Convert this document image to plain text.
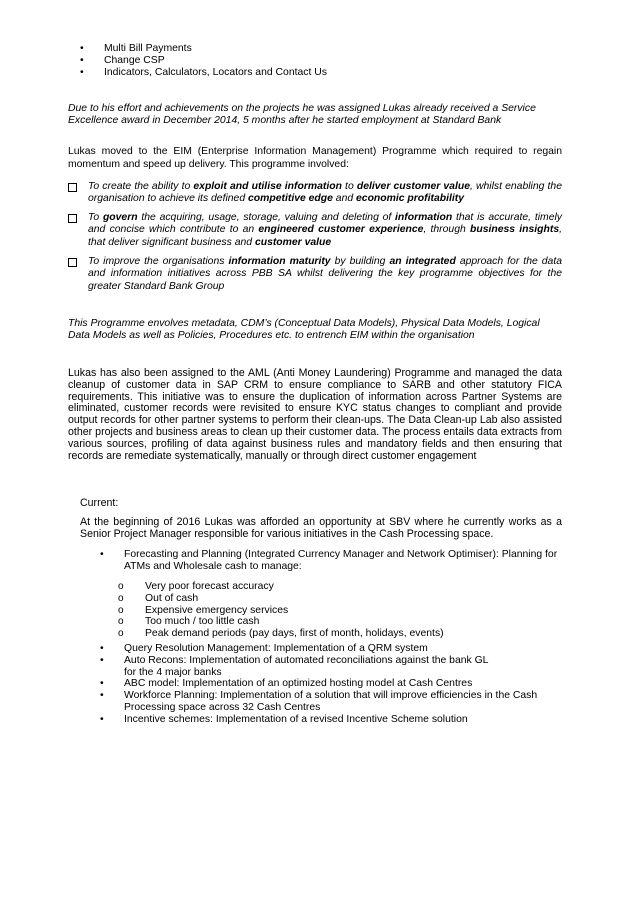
• Multi Bill Payments
• Change CSP
• Indicators, Calculators, Locators and Contact Us

Due to his effort and achievements on the projects he was assigned Lukas already received a Service Excellence award in December 2014, 5 months after he started employment at Standard Bank

Lukas moved to the EIM (Enterprise Information Management) Programme which required to regain momentum and speed up delivery. This programme involved:

To create the ability to exploit and utilise information to deliver customer value, whilst enabling the organisation to achieve its defined competitive edge and economic profitability
To govern the acquiring, usage, storage, valuing and deleting of information that is accurate, timely and concise which contribute to an engineered customer experience, through business insights, that deliver significant business and customer value
To improve the organisations information maturity by building an integrated approach for the data and information initiatives across PBB SA whilst delivering the key programme objectives for the greater Standard Bank Group

This Programme envolves metadata, CDM’s (Conceptual Data Models), Physical Data Models, Logical Data Models as well as Policies, Procedures etc. to entrench EIM within the organisation

Lukas has also been assigned to the AML (Anti Money Laundering) Programme and managed the data cleanup of customer data in SAP CRM to ensure compliance to SARB and other statutory FICA requirements. This initiative was to ensure the duplication of information across Partner Systems are eliminated, customer records were revisited to ensure KYC status changes to compliant and provide output records for other partner systems to perform their clean-ups. The Data Clean-up Lab also assisted other projects and business areas to clean up their customer data. The process entails data extracts from various sources, profiling of data against business rules and mandatory fields and then ensuring that records are remediate systematically, manually or through direct customer engagement

Current:

At the beginning of 2016 Lukas was afforded an opportunity at SBV where he currently works as a Senior Project Manager responsible for various initiatives in the Cash Processing space.

• Forecasting and Planning (Integrated Currency Manager and Network Optimiser): Planning for ATMs and Wholesale cash to manage:
o Very poor forecast accuracy
o Out of cash
o Expensive emergency services
o Too much / too little cash
o Peak demand periods (pay days, first of month, holidays, events)
• Query Resolution Management: Implementation of a QRM system
• Auto Recons: Implementation of automated reconciliations against the bank GL for the 4 major banks
• ABC model: Implementation of an optimized hosting model at Cash Centres
• Workforce Planning: Implementation of a solution that will improve efficiencies in the Cash Processing space across 32 Cash Centres
• Incentive schemes: Implementation of a revised Incentive Scheme solution
